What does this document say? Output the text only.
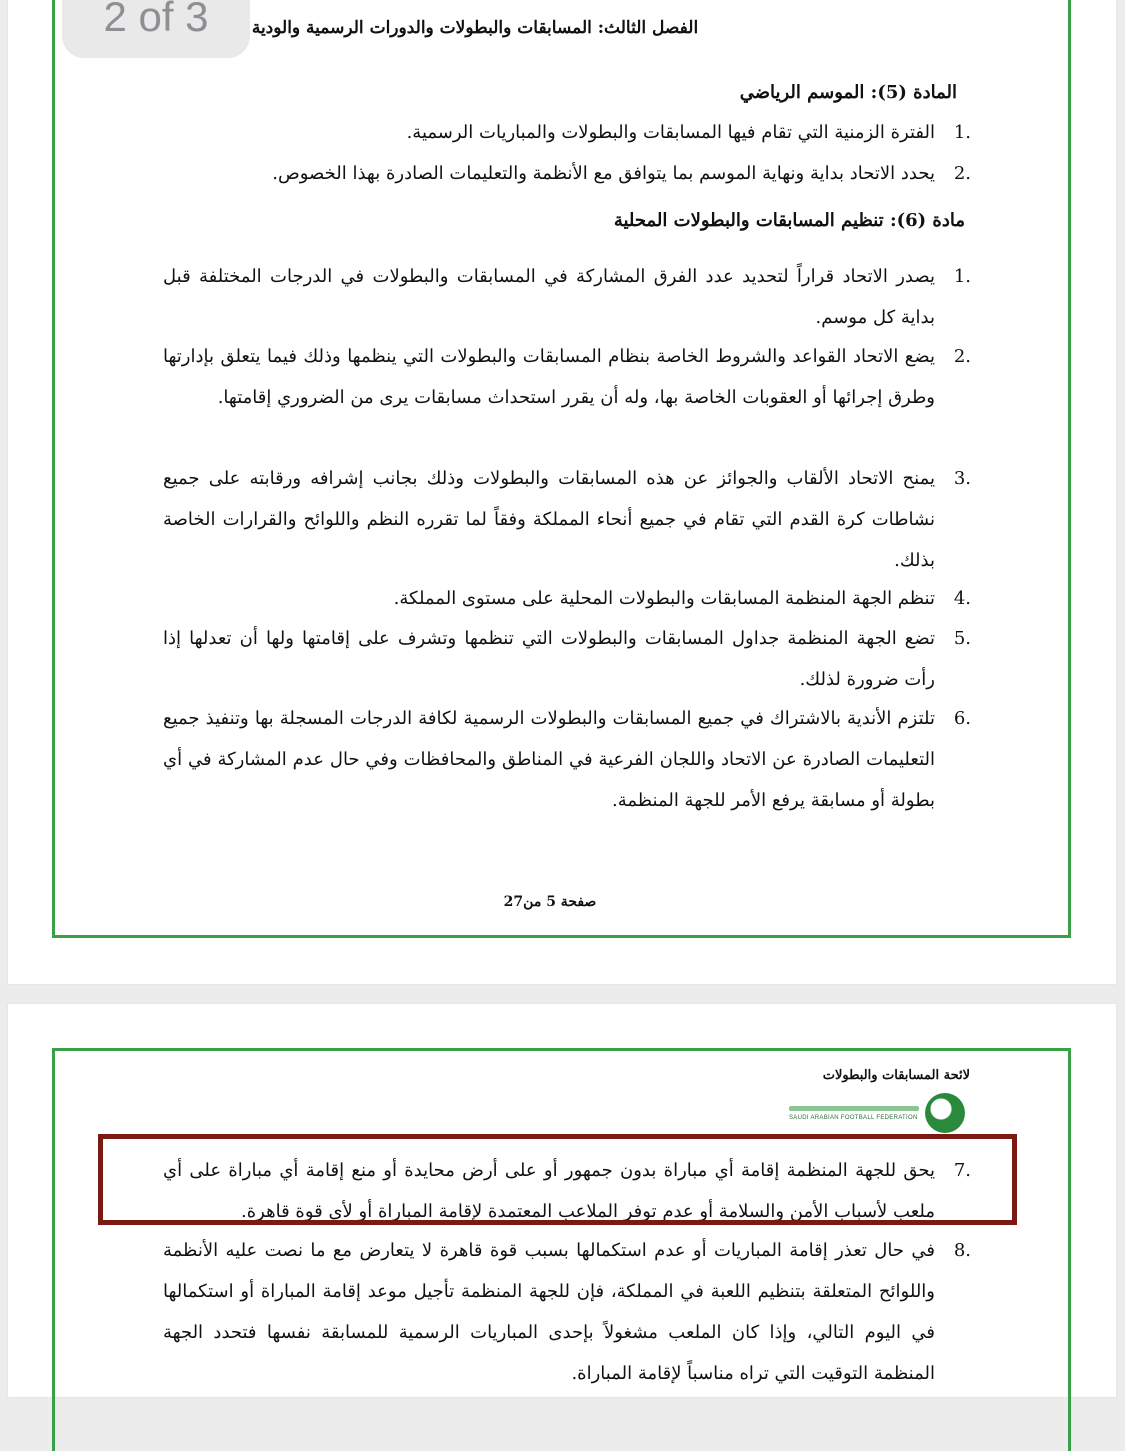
2 of 3	الفصل الثالث: المسابقات والبطولات والدورات الرسمية والودية
المادة (5): الموسم الرياضي
1.
الفترة الزمنية التي تقام فيها المسابقات والبطولات والمباريات الرسمية.
2.
يحدد الاتحاد بداية ونهاية الموسم بما يتوافق مع الأنظمة والتعليمات الصادرة بهذا الخصوص.
مادة (6): تنظيم المسابقات والبطولات المحلية
1.
يصدر الاتحاد قراراً لتحديد عدد الفرق المشاركة في المسابقات والبطولات في الدرجات المختلفة قبل بداية كل موسم.
2.
يضع الاتحاد القواعد والشروط الخاصة بنظام المسابقات والبطولات التي ينظمها وذلك فيما يتعلق بإدارتها وطرق إجرائها أو العقوبات الخاصة بها، وله أن يقرر استحداث مسابقات يرى من الضروري إقامتها.
3.
يمنح الاتحاد الألقاب والجوائز عن هذه المسابقات والبطولات وذلك بجانب إشرافه ورقابته على جميع نشاطات كرة القدم التي تقام في جميع أنحاء المملكة وفقاً لما تقرره النظم واللوائح والقرارات الخاصة بذلك.
4.
تنظم الجهة المنظمة المسابقات والبطولات المحلية على مستوى المملكة.
5.
تضع الجهة المنظمة جداول المسابقات والبطولات التي تنظمها وتشرف على إقامتها ولها أن تعدلها إذا رأت ضرورة لذلك.
6.
تلتزم الأندية بالاشتراك في جميع المسابقات والبطولات الرسمية لكافة الدرجات المسجلة بها وتنفيذ جميع التعليمات الصادرة عن الاتحاد واللجان الفرعية في المناطق والمحافظات وفي حال عدم المشاركة في أي بطولة أو مسابقة يرفع الأمر للجهة المنظمة.
صفحة 5 من27
لائحة المسابقات والبطولات
SAUDI ARABIAN FOOTBALL FEDERATION
7.
يحق للجهة المنظمة إقامة أي مباراة بدون جمهور أو على أرض محايدة أو منع إقامة أي مباراة على أي ملعب لأسباب الأمن والسلامة أو عدم توفر الملاعب المعتمدة لإقامة المباراة أو لأي قوة قاهرة.
8.
في حال تعذر إقامة المباريات أو عدم استكمالها بسبب قوة قاهرة لا يتعارض مع ما نصت عليه الأنظمة واللوائح المتعلقة بتنظيم اللعبة في المملكة، فإن للجهة المنظمة تأجيل موعد إقامة المباراة أو استكمالها في اليوم التالي، وإذا كان الملعب مشغولاً بإحدى المباريات الرسمية للمسابقة نفسها فتحدد الجهة المنظمة التوقيت التي تراه مناسباً لإقامة المباراة.
